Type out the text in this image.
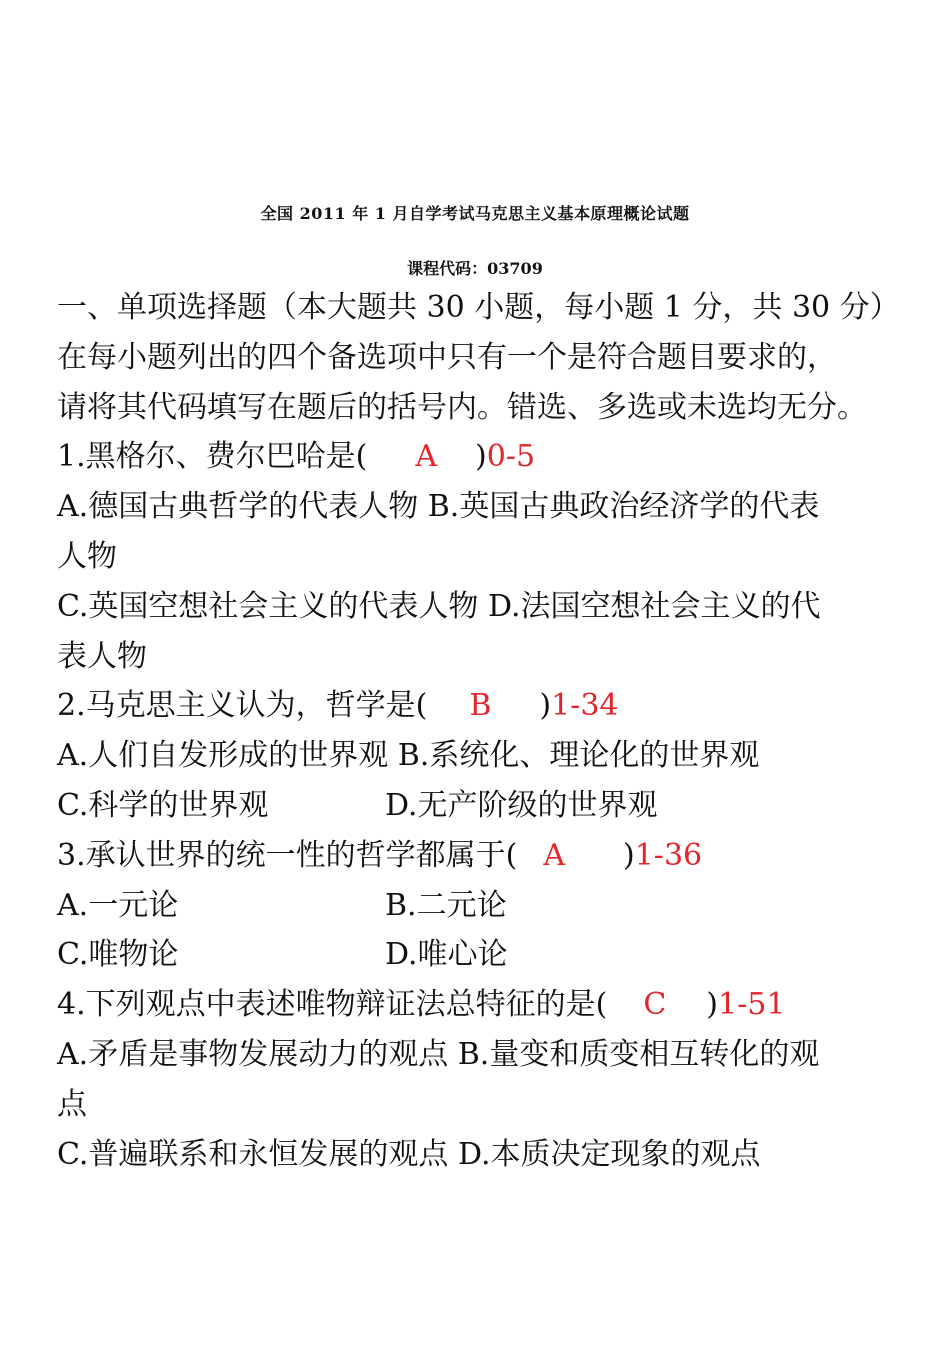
全国 2011 年 1 月自学考试马克思主义基本原理概论试题
课程代码：03709
一、单项选择题（本大题共 30 小题，每小题 1 分，共 30 分）
在每小题列出的四个备选项中只有一个是符合题目要求的，
请将其代码填写在题后的括号内。错选、多选或未选均无分。
1.黑格尔、费尔巴哈是( A )0-5
A.德国古典哲学的代表人物 B.英国古典政治经济学的代表
人物
C.英国空想社会主义的代表人物 D.法国空想社会主义的代
表人物
2.马克思主义认为，哲学是( B )1-34
A.人们自发形成的世界观 B.系统化、理论化的世界观
C.科学的世界观	D.无产阶级的世界观
3.承认世界的统一性的哲学都属于( A )1-36
A.一元论	B.二元论
C.唯物论	D.唯心论
4.下列观点中表述唯物辩证法总特征的是( C )1-51
A.矛盾是事物发展动力的观点 B.量变和质变相互转化的观
点
C.普遍联系和永恒发展的观点 D.本质决定现象的观点
